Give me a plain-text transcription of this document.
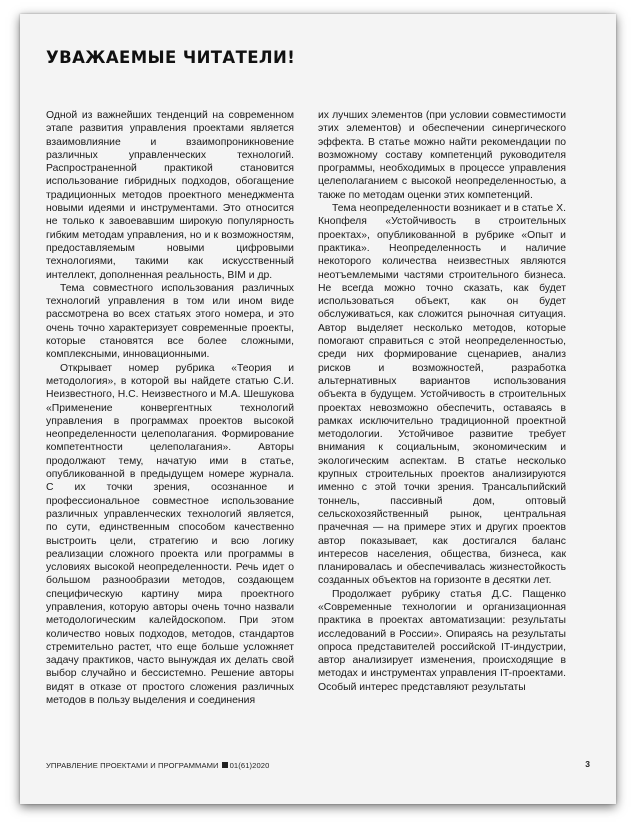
УВАЖАЕМЫЕ ЧИТАТЕЛИ!

Одной из важнейших тенденций на современном этапе развития управления проектами является взаимовлияние и взаимопроникновение различных управленческих технологий. Распространенной практикой становится использование гибридных подходов, обогащение традиционных методов проектного менеджмента новыми идеями и инструментами. Это относится не только к завоевавшим широкую популярность гибким методам управления, но и к возможностям, предоставляемым новыми цифровыми технологиями, такими как искусственный интеллект, дополненная реальность, BIM и др.

Тема совместного использования различных технологий управления в том или ином виде рассмотрена во всех статьях этого номера, и это очень точно характеризует современные проекты, которые становятся все более сложными, комплексными, инновационными.

Открывает номер рубрика «Теория и методология», в которой вы найдете статью С.И. Неизвестного, Н.С. Неизвестного и М.А. Шешукова «Применение конвергентных технологий управления в программах проектов высокой неопределенности целеполагания. Формирование компетентности целеполагания». Авторы продолжают тему, начатую ими в статье, опубликованной в предыдущем номере журнала. С их точки зрения, осознанное и профессиональное совместное использование различных управленческих технологий является, по сути, единственным способом качественно выстроить цели, стратегию и всю логику реализации сложного проекта или программы в условиях высокой неопределенности. Речь идет о большом разнообразии методов, создающем специфическую картину мира проектного управления, которую авторы очень точно назвали методологическим калейдоскопом. При этом количество новых подходов, методов, стандартов стремительно растет, что еще больше усложняет задачу практиков, часто вынуждая их делать свой выбор случайно и бессистемно. Решение авторы видят в отказе от простого сложения различных методов в пользу выделения и соединения

их лучших элементов (при условии совместимости этих элементов) и обеспечении синергического эффекта. В статье можно найти рекомендации по возможному составу компетенций руководителя программы, необходимых в процессе управления целеполаганием с высокой неопределенностью, а также по методам оценки этих компетенций.

Тема неопределенности возникает и в статье Х. Кнопфеля «Устойчивость в строительных проектах», опубликованной в рубрике «Опыт и практика». Неопределенность и наличие некоторого количества неизвестных являются неотъемлемыми частями строительного бизнеса. Не всегда можно точно сказать, как будет использоваться объект, как он будет обслуживаться, как сложится рыночная ситуация. Автор выделяет несколько методов, которые помогают справиться с этой неопределенностью, среди них формирование сценариев, анализ рисков и возможностей, разработка альтернативных вариантов использования объекта в будущем. Устойчивость в строительных проектах невозможно обеспечить, оставаясь в рамках исключительно традиционной проектной методологии. Устойчивое развитие требует внимания к социальным, экономическим и экологическим аспектам. В статье несколько крупных строительных проектов анализируются именно с этой точки зрения. Трансальпийский тоннель, пассивный дом, оптовый сельскохозяйственный рынок, центральная прачечная — на примере этих и других проектов автор показывает, как достигался баланс интересов населения, общества, бизнеса, как планировалась и обеспечивалась жизнестойкость созданных объектов на горизонте в десятки лет.

Продолжает рубрику статья Д.С. Пащенко «Современные технологии и организационная практика в проектах автоматизации: результаты исследований в России». Опираясь на результаты опроса представителей российской IT-индустрии, автор анализирует изменения, происходящие в методах и инструментах управления IT-проектами. Особый интерес представляют результаты

УПРАВЛЕНИЕ ПРОЕКТАМИ И ПРОГРАММАМИ 01(61)2020	3
